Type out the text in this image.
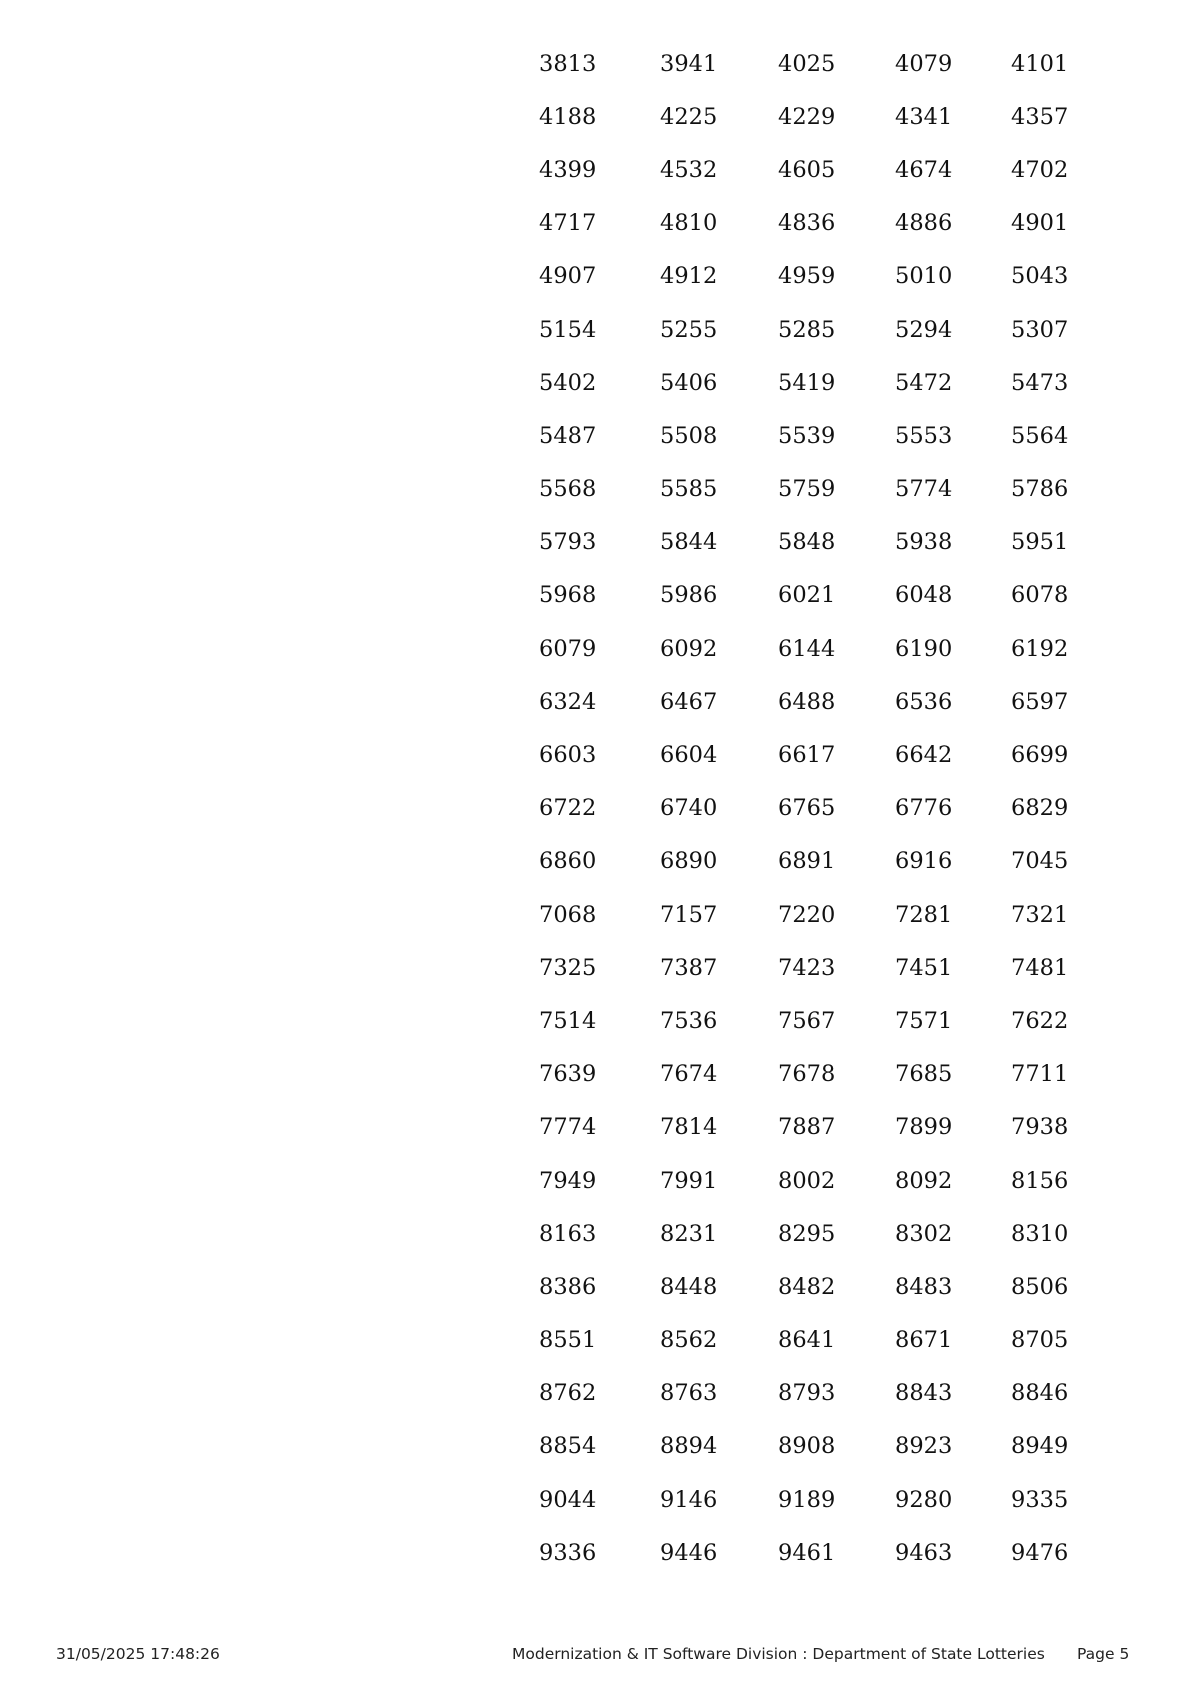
3813	3941	4025	4079	4101
4188	4225	4229	4341	4357
4399	4532	4605	4674	4702
4717	4810	4836	4886	4901
4907	4912	4959	5010	5043
5154	5255	5285	5294	5307
5402	5406	5419	5472	5473
5487	5508	5539	5553	5564
5568	5585	5759	5774	5786
5793	5844	5848	5938	5951
5968	5986	6021	6048	6078
6079	6092	6144	6190	6192
6324	6467	6488	6536	6597
6603	6604	6617	6642	6699
6722	6740	6765	6776	6829
6860	6890	6891	6916	7045
7068	7157	7220	7281	7321
7325	7387	7423	7451	7481
7514	7536	7567	7571	7622
7639	7674	7678	7685	7711
7774	7814	7887	7899	7938
7949	7991	8002	8092	8156
8163	8231	8295	8302	8310
8386	8448	8482	8483	8506
8551	8562	8641	8671	8705
8762	8763	8793	8843	8846
8854	8894	8908	8923	8949
9044	9146	9189	9280	9335
9336	9446	9461	9463	9476
31/05/2025 17:48:26	Modernization & IT Software Division : Department of State Lotteries Page 5
